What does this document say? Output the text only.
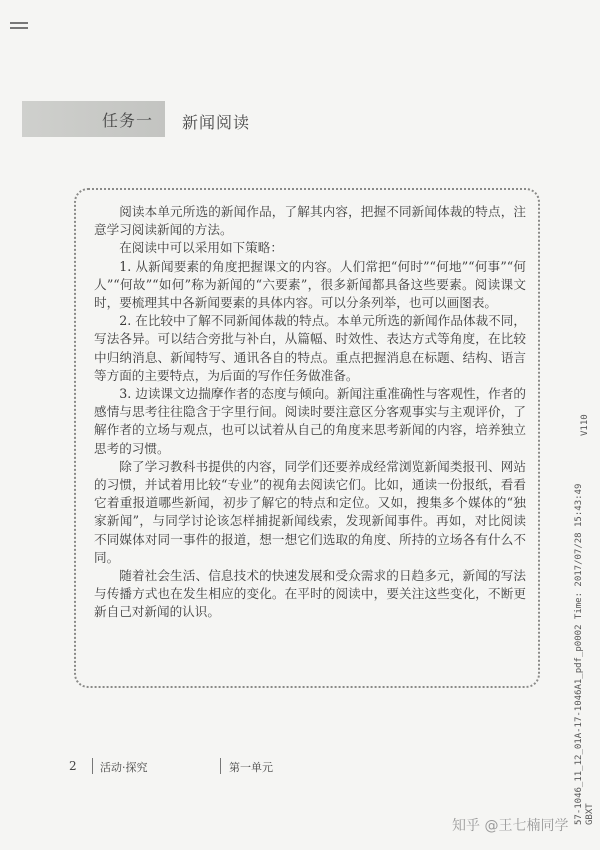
任务一 新闻阅读

阅读本单元所选的新闻作品，了解其内容，把握不同新闻体裁的特点，注意学习阅读新闻的方法。

在阅读中可以采用如下策略：

1. 从新闻要素的角度把握课文的内容。人们常把“何时”“何地”“何事”“何人”“何故”“如何”称为新闻的“六要素”，很多新闻都具备这些要素。阅读课文时，要梳理其中各新闻要素的具体内容。可以分条列举，也可以画图表。

2. 在比较中了解不同新闻体裁的特点。本单元所选的新闻作品体裁不同，写法各异。可以结合旁批与补白，从篇幅、时效性、表达方式等角度，在比较中归纳消息、新闻特写、通讯各自的特点。重点把握消息在标题、结构、语言等方面的主要特点，为后面的写作任务做准备。

3. 边读课文边揣摩作者的态度与倾向。新闻注重准确性与客观性，作者的感情与思考往往隐含于字里行间。阅读时要注意区分客观事实与主观评价，了解作者的立场与观点，也可以试着从自己的角度来思考新闻的内容，培养独立思考的习惯。

除了学习教科书提供的内容，同学们还要养成经常浏览新闻类报刊、网站的习惯，并试着用比较“专业”的视角去阅读它们。比如，通读一份报纸，看看它着重报道哪些新闻，初步了解它的特点和定位。又如，搜集多个媒体的“独家新闻”，与同学讨论该怎样捕捉新闻线索，发现新闻事件。再如，对比阅读不同媒体对同一事件的报道，想一想它们选取的角度、所持的立场各有什么不同。

随着社会生活、信息技术的快速发展和受众需求的日趋多元，新闻的写法与传播方式也在发生相应的变化。在平时的阅读中，要关注这些变化，不断更新自己对新闻的认识。

V110
57-1046_11_12_01A-17-1046A1_pdf_p0002 Time: 2017/07/28 15:43:49 GBXT
2 活动·探究	第一单元
知乎 @王七楠同学
